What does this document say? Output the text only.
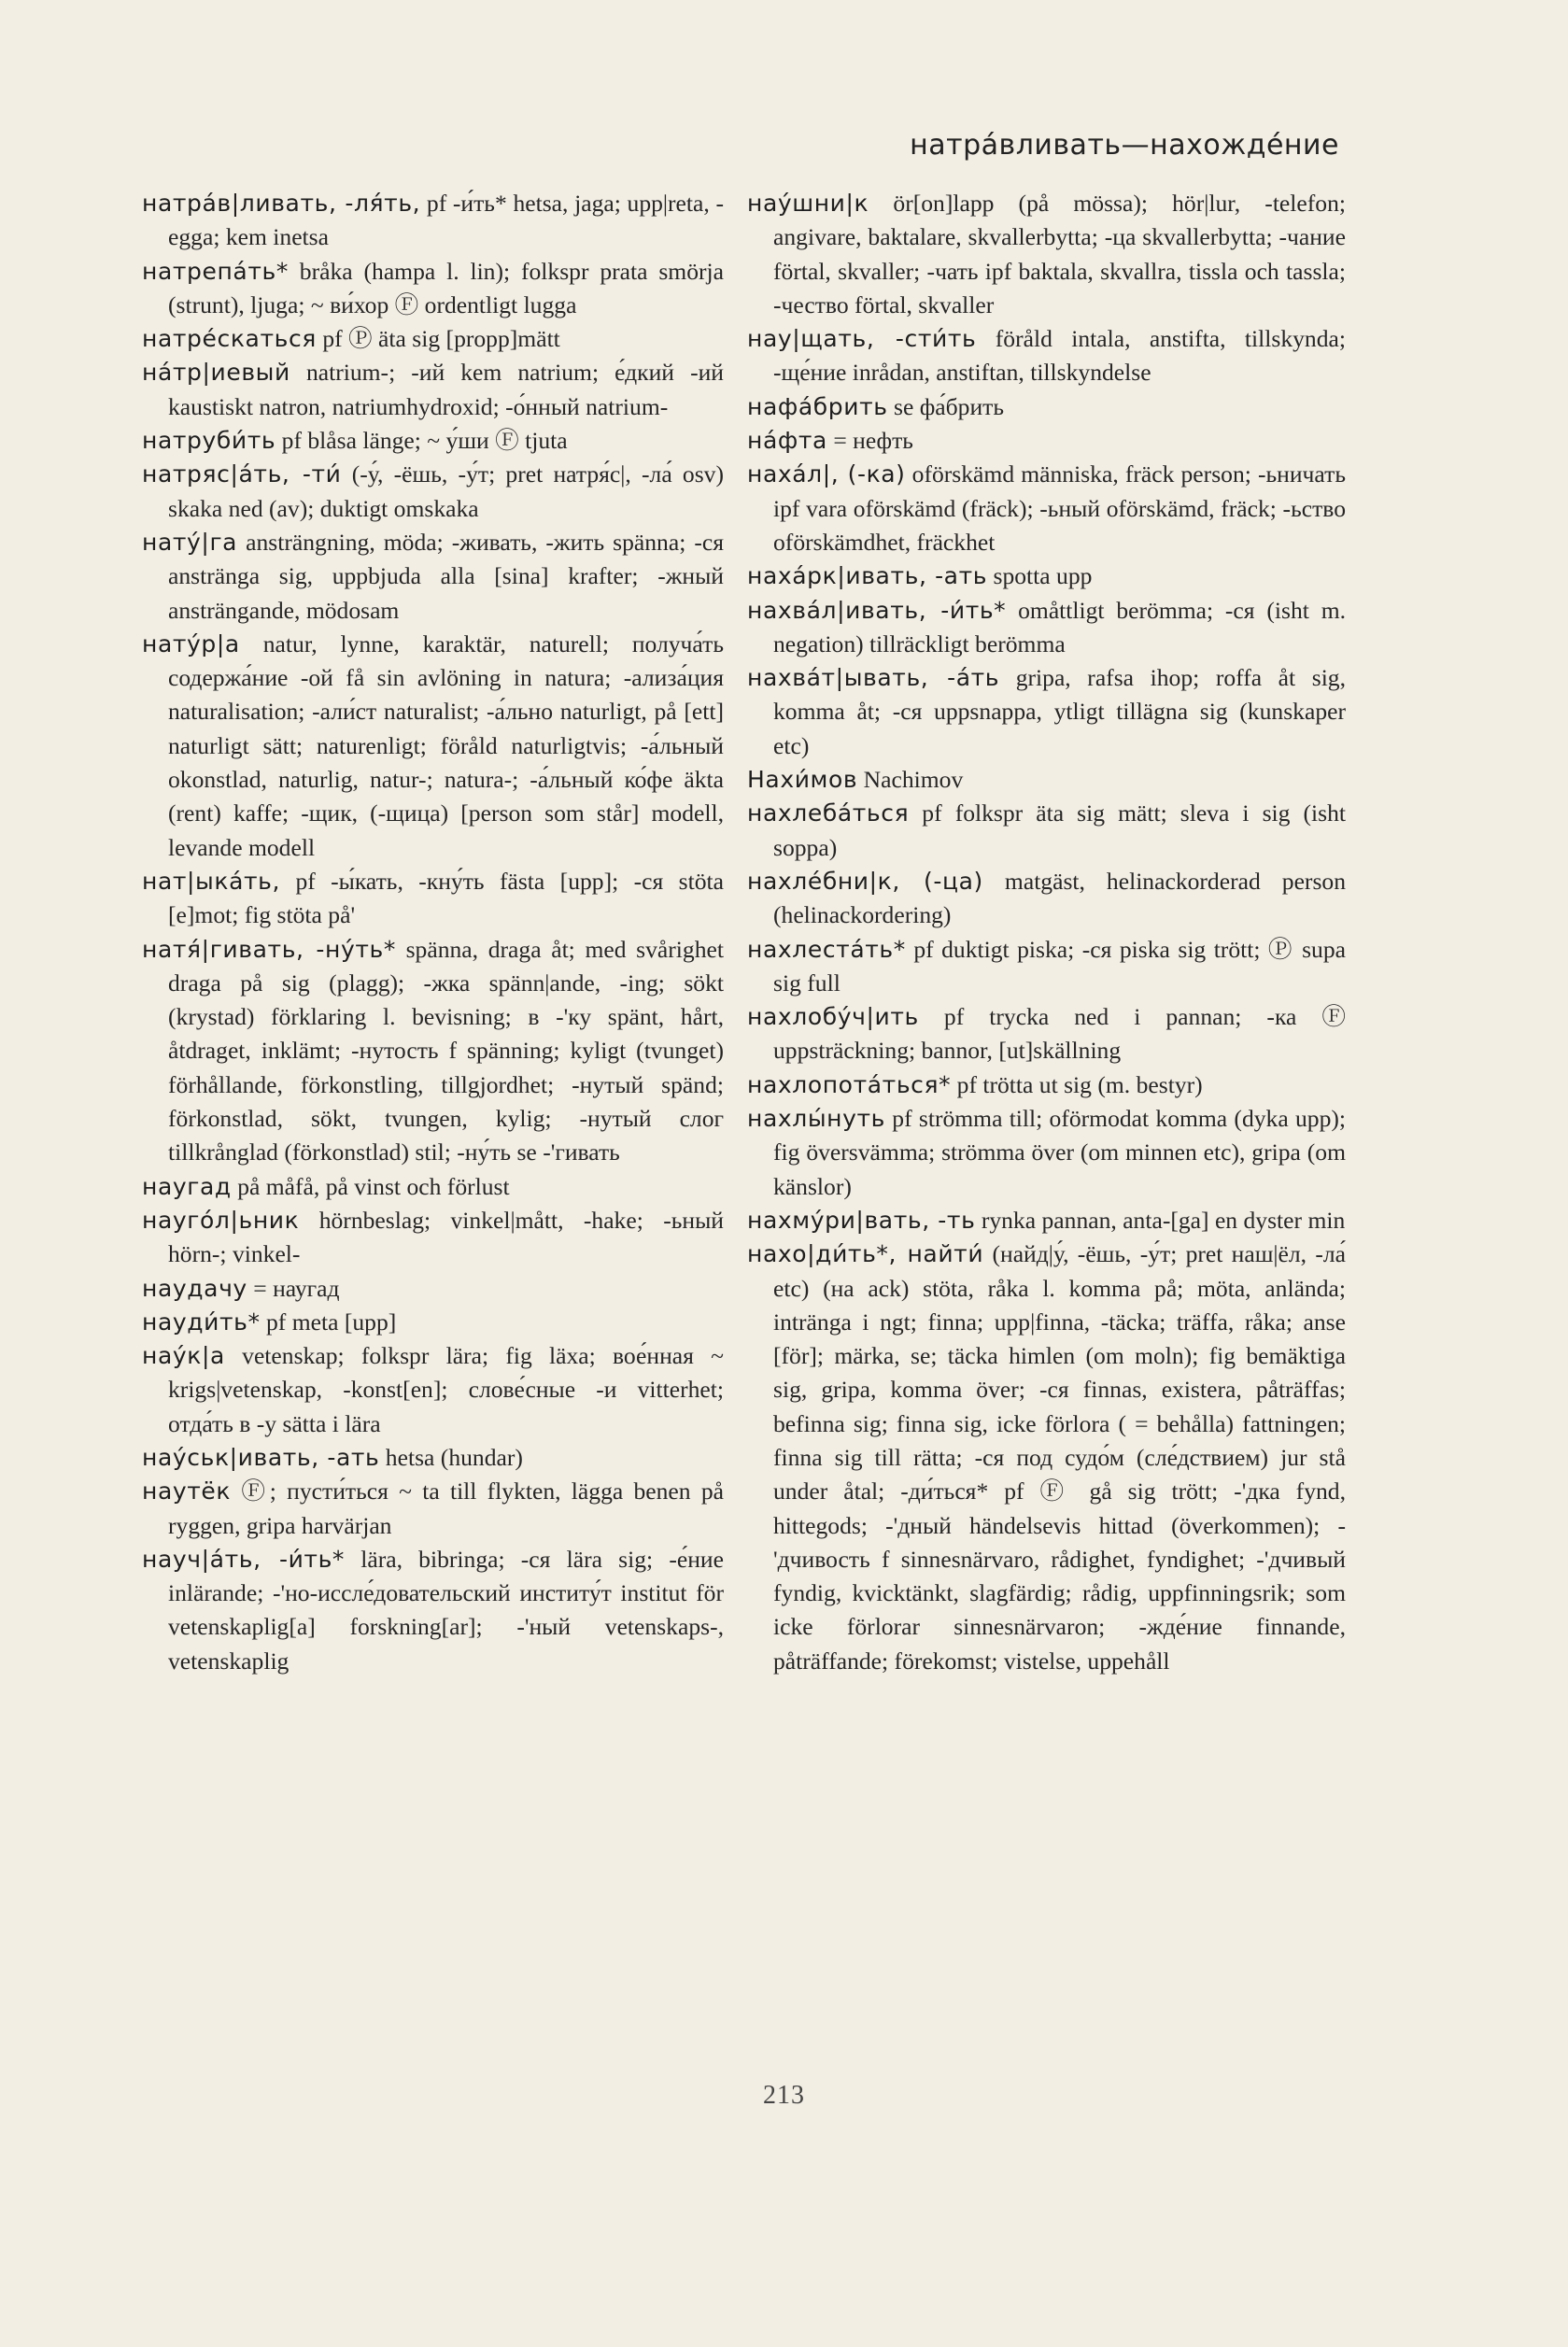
натра́вливать—нахожде́ние

натра́в|ливать, -ля́ть, pf -и́ть* hetsa, jaga; upp|reta, -egga; kem inetsa

натрепа́ть* bråka (hampa l. lin); folkspr prata smörja (strunt), ljuga; ~ ви́хор Ⓕ ordentligt lugga

натре́скаться pf Ⓟ äta sig [propp]mätt

на́тр|иевый natrium-; -ий kem natrium; е́дкий -ий kaustiskt natron, natriumhydroxid; -о́нный natrium-

натруби́ть pf blåsa länge; ~ у́ши Ⓕ tjuta

натряс|а́ть, -ти́ (-у́, -ёшь, -у́т; pret натря́с|, -ла́ osv) skaka ned (av); duktigt omskaka

нату́|га ansträngning, möda; -живать, -жить spänna; -ся anstränga sig, uppbjuda alla [sina] krafter; -жный ansträngande, mödosam

нату́р|а natur, lynne, karaktär, naturell; получа́ть содержа́ние -ой få sin avlöning in natura; -ализа́ция naturalisation; -али́ст naturalist; -а́льно naturligt, på [ett] naturligt sätt; naturenligt; föråld naturligtvis; -а́льный okonstlad, naturlig, natur-; natura-; -а́льный ко́фе äkta (rent) kaffe; -щик, (-щица) [person som står] modell, levande modell

нат|ыка́ть, pf -ы́кать, -кну́ть fästa [upp]; -ся stöta [e]mot; fig stöta på'

натя́|гивать, -ну́ть* spänna, draga åt; med svårighet draga på sig (plagg); -жка spänn|ande, -ing; sökt (krystad) förklaring l. bevisning; в -'ку spänt, hårt, åtdraget, inklämt; -нутость f spänning; kyligt (tvunget) förhållande, förkonstling, tillgjordhet; -нутый spänd; förkonstlad, sökt, tvungen, kylig; -нутый слог tillkrånglad (förkonstlad) stil; -ну́ть se -'гивать

наугад på måfå, på vinst och förlust

науго́л|ьник hörnbeslag; vinkel|mått, -hake; -ьный hörn-; vinkel-

наудачу = наугад

науди́ть* pf meta [upp]

нау́к|а vetenskap; folkspr lära; fig läxa; вое́нная ~ krigs|vetenskap, -konst[en]; слове́сные -и vitterhet; отда́ть в -у sätta i lära

нау́ськ|ивать, -ать hetsa (hundar)

наутёк Ⓕ; пусти́ться ~ ta till flykten, lägga benen på ryggen, gripa harvärjan

науч|а́ть, -и́ть* lära, bibringa; -ся lära sig; -е́ние inlärande; -'но-иссле́довательский институ́т institut för vetenskaplig[a] forskning[ar]; -'ный vetenskaps-, vetenskaplig

нау́шни|к ör[on]lapp (på mössa); hör|lur, -telefon; angivare, baktalare, skvallerbytta; -ца skvallerbytta; -чание förtal, skvaller; -чать ipf baktala, skvallra, tissla och tassla; -чество förtal, skvaller

нау|щать, -сти́ть föråld intala, anstifta, tillskynda; -ще́ние inrådan, anstiftan, tillskyndelse

нафа́брить se фа́брить

на́фта = нефть

наха́л|, (-ка) oförskämd människa, fräck person; -ьничать ipf vara oförskämd (fräck); -ьный oförskämd, fräck; -ьство oförskämdhet, fräckhet

наха́рк|ивать, -ать spotta upp

нахва́л|ивать, -и́ть* omåttligt berömma; -ся (isht m. negation) tillräckligt berömma

нахва́т|ывать, -а́ть gripa, rafsa ihop; roffa åt sig, komma åt; -ся uppsnappa, ytligt tillägna sig (kunskaper etc)

Нахи́мов Nachimov

нахлеба́ться pf folkspr äta sig mätt; sleva i sig (isht soppa)

нахле́бни|к, (-ца) matgäst, helinackorderad person (helinackordering)

нахлеста́ть* pf duktigt piska; -ся piska sig trött; Ⓟ supa sig full

нахлобу́ч|ить pf trycka ned i pannan; -ка Ⓕ uppsträckning; bannor, [ut]skällning

нахлопота́ться* pf trötta ut sig (m. bestyr)

нахлы́нуть pf strömma till; oförmodat komma (dyka upp); fig översvämma; strömma över (om minnen etc), gripa (om känslor)

нахму́ри|вать, -ть rynka pannan, anta-[ga] en dyster min

нахо|ди́ть*, найти́ (найд|у́, -ёшь, -у́т; pret наш|ёл, -ла́ etc) (на ack) stöta, råka l. komma på; möta, anlända; intränga i ngt; finna; upp|finna, -täcka; träffa, råka; anse [för]; märka, se; täcka himlen (om moln); fig bemäktiga sig, gripa, komma över; -ся finnas, existera, påträffas; befinna sig; finna sig, icke förlora ( = behålla) fattningen; finna sig till rätta; -ся под судо́м (сле́дствием) jur stå under åtal; -ди́ться* pf Ⓕ gå sig trött; -'дка fynd, hittegods; -'дный händelsevis hittad (överkommen); -'дчивость f sinnesnärvaro, rådighet, fyndighet; -'дчивый fyndig, kvicktänkt, slagfärdig; rådig, uppfinningsrik; som icke förlorar sinnesnärvaron; -жде́ние finnande, påträffande; förekomst; vistelse, uppehåll

213
